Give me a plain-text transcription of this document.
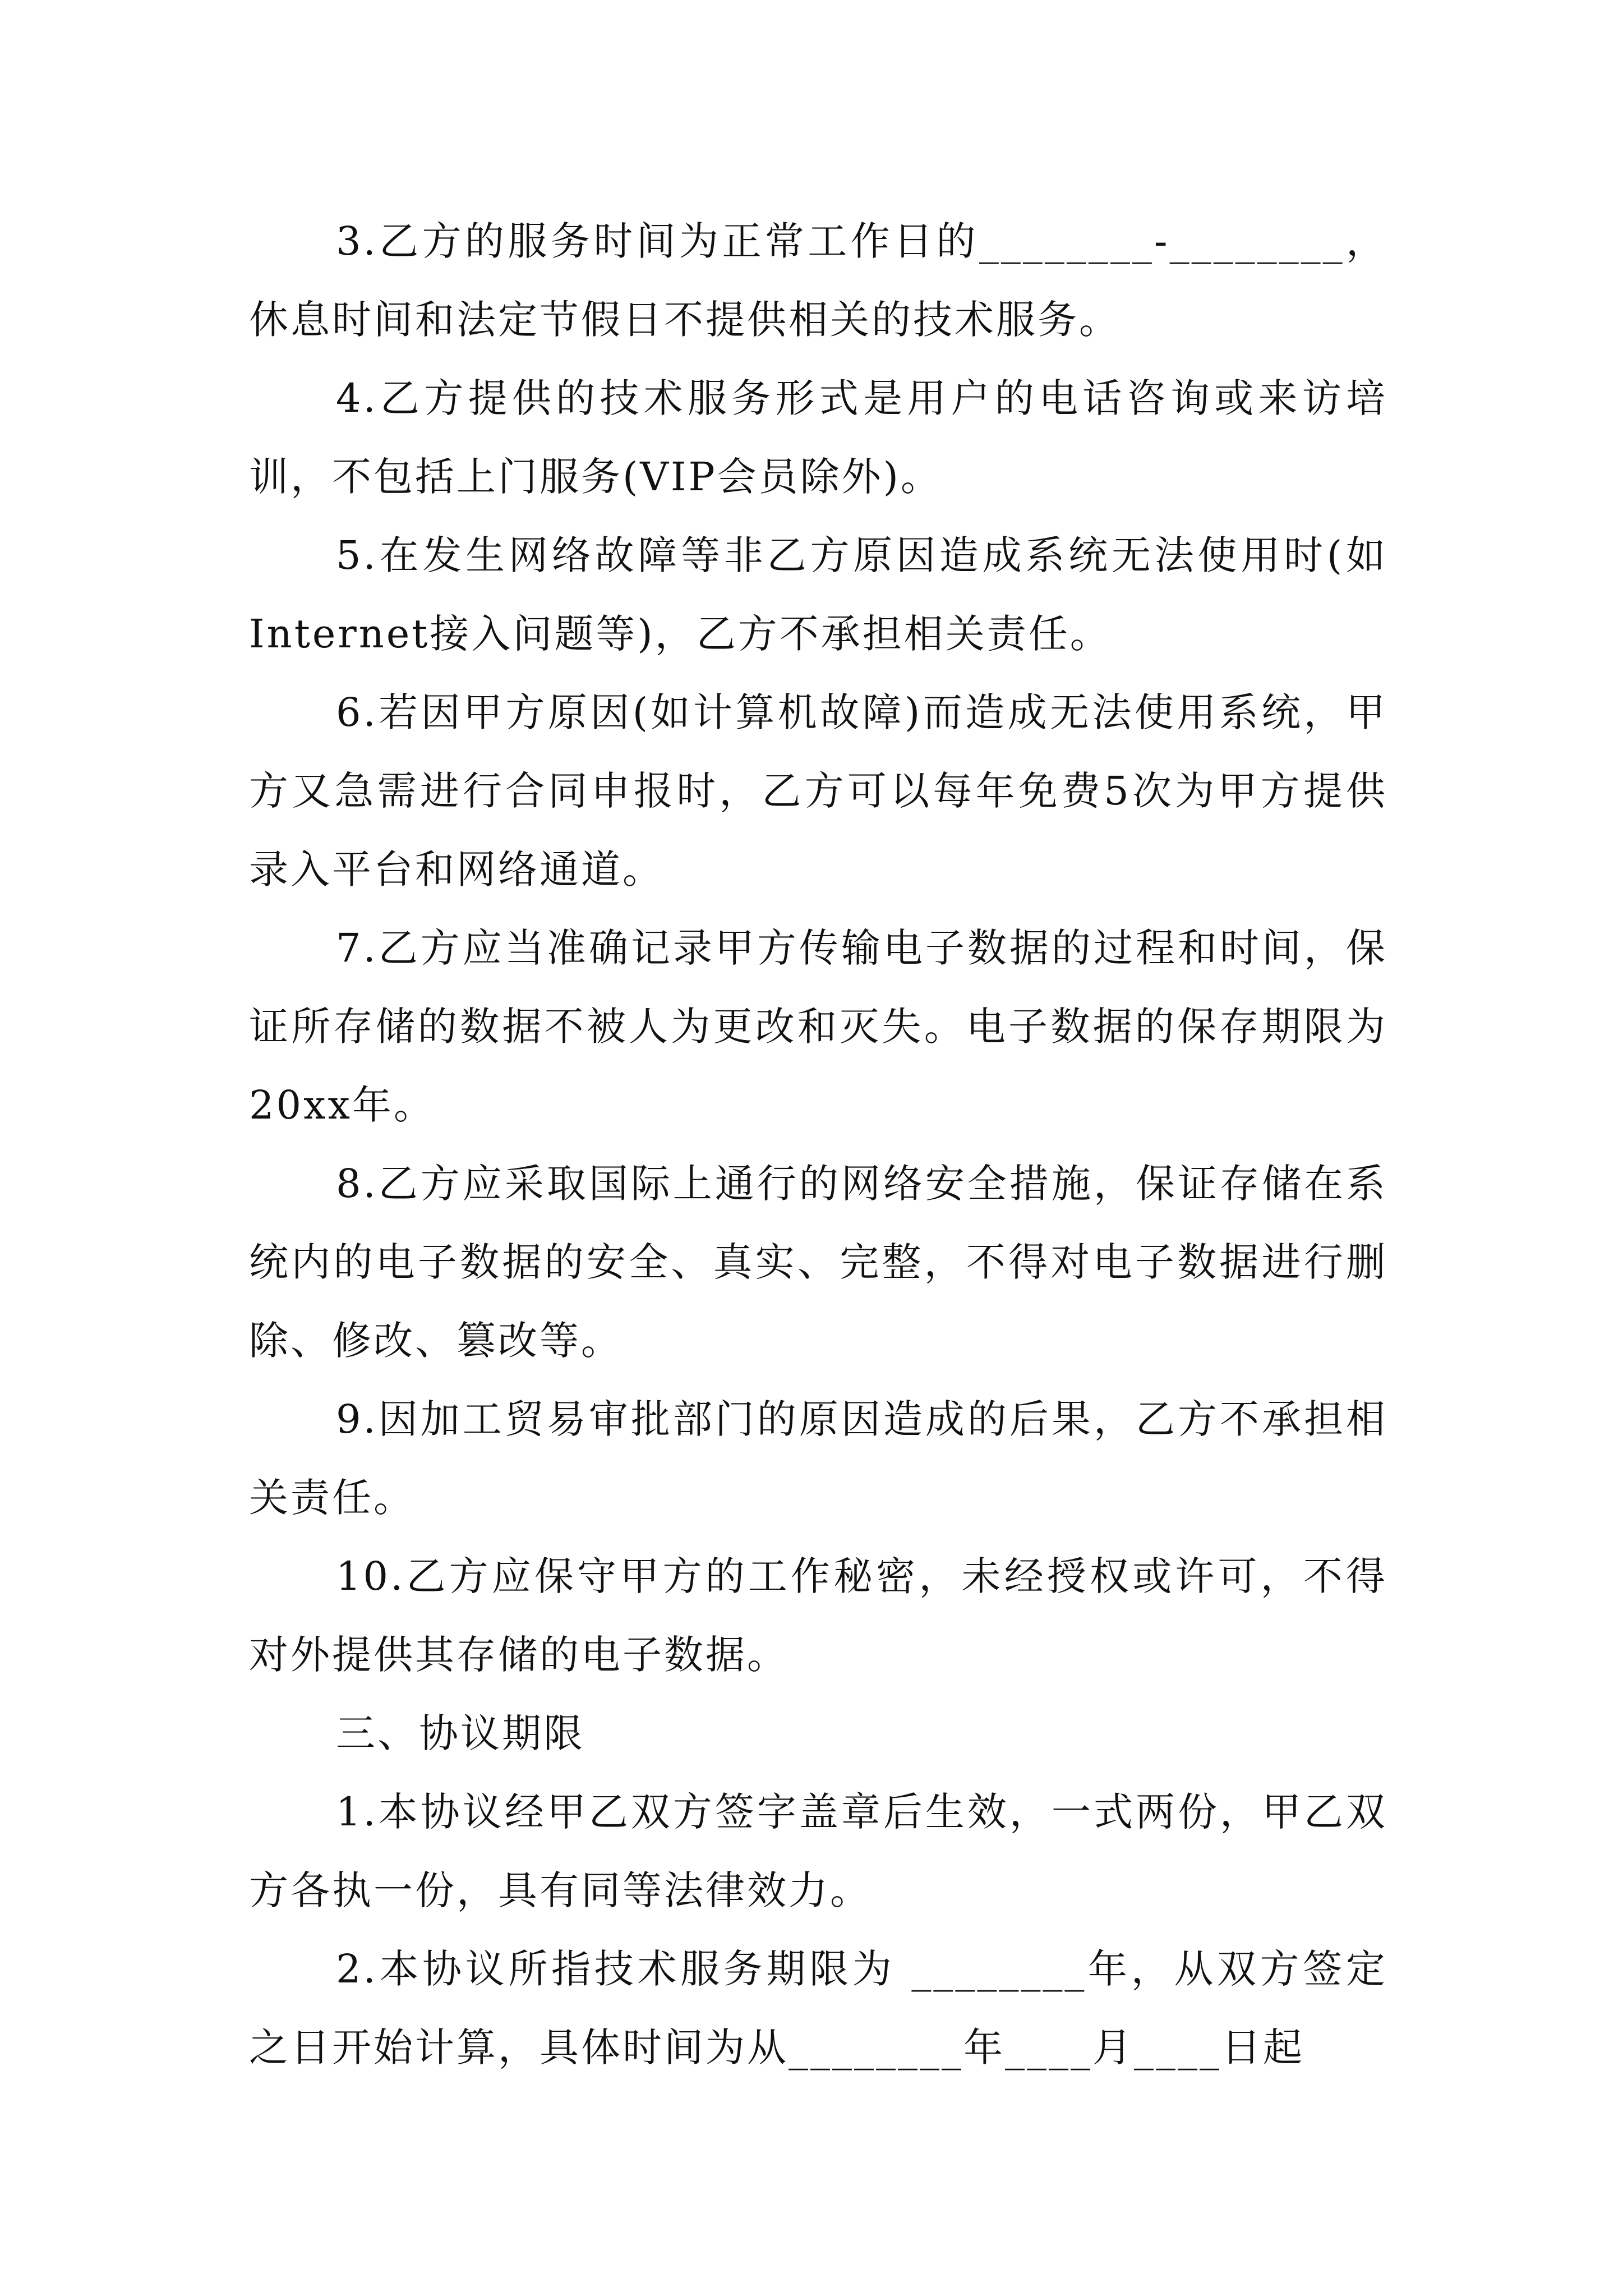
3.乙方的服务时间为正常工作日的________-________，休息时间和法定节假日不提供相关的技术服务。

4.乙方提供的技术服务形式是用户的电话咨询或来访培训，不包括上门服务(VIP会员除外)。

5.在发生网络故障等非乙方原因造成系统无法使用时(如Internet接入问题等)，乙方不承担相关责任。

6.若因甲方原因(如计算机故障)而造成无法使用系统，甲方又急需进行合同申报时，乙方可以每年免费5次为甲方提供录入平台和网络通道。

7.乙方应当准确记录甲方传输电子数据的过程和时间，保证所存储的数据不被人为更改和灭失。电子数据的保存期限为20xx年。

8.乙方应采取国际上通行的网络安全措施，保证存储在系统内的电子数据的安全、真实、完整，不得对电子数据进行删除、修改、篡改等。

9.因加工贸易审批部门的原因造成的后果，乙方不承担相关责任。

10.乙方应保守甲方的工作秘密，未经授权或许可，不得对外提供其存储的电子数据。

三、协议期限

1.本协议经甲乙双方签字盖章后生效，一式两份，甲乙双方各执一份，具有同等法律效力。

2.本协议所指技术服务期限为 ________年，从双方签定之日开始计算，具体时间为从________年____月____日起
